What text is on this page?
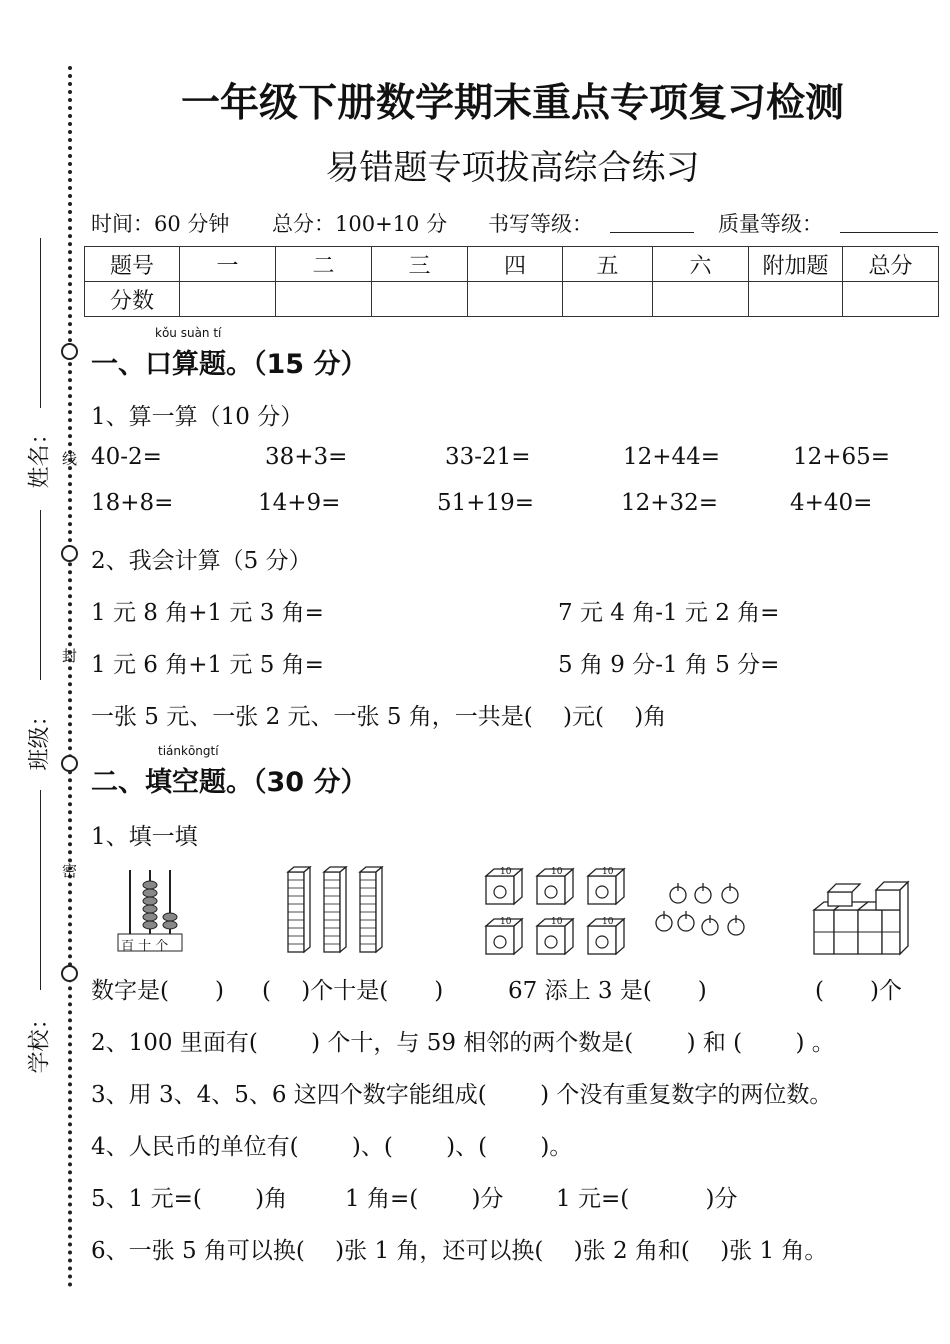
姓名：
班级：
学校：
线
封
密
一年级下册数学期末重点专项复习检测
易错题专项拔高综合练习
时间：60 分钟 总分：100+10 分 书写等级：	质量等级：
题号	一	二	三	四	五	六	附加题	总分
分数								
kǒu suàn tí
一、口算题。（15 分）
1、算一算（10 分）
40-2=	38+3=	33-21=	12+44=	12+65=
18+8=	14+9=	51+19=	12+32=	4+40=
2、我会计算（5 分）
1 元 8 角+1 元 3 角=	7 元 4 角-1 元 2 角=
1 元 6 角+1 元 5 角=	5 角 9 分-1 角 5 分=
一张 5 元、一张 2 元、一张 5 角，一共是(　 )元(　 )角
tiánkōngtí
二、填空题。（30 分）
1、填一填
百 十 个
10	10	10
10	10	10
数字是(　　) (　 )个十是(　　)	67 添上 3 是(　　)	(　　)个
2、100 里面有(　　 ) 个十，与 59 相邻的两个数是(　　 ) 和 (　　 ) 。
3、用 3、4、5、6 这四个数字能组成(　　 ) 个没有重复数字的两位数。
4、人民币的单位有(　　 )、(　　 )、(　　 )。
5、1 元=(　　 )角	1 角=(　　 )分 1 元=(　　　 )分
6、一张 5 角可以换(　 )张 1 角，还可以换(　 )张 2 角和(　 )张 1 角。
